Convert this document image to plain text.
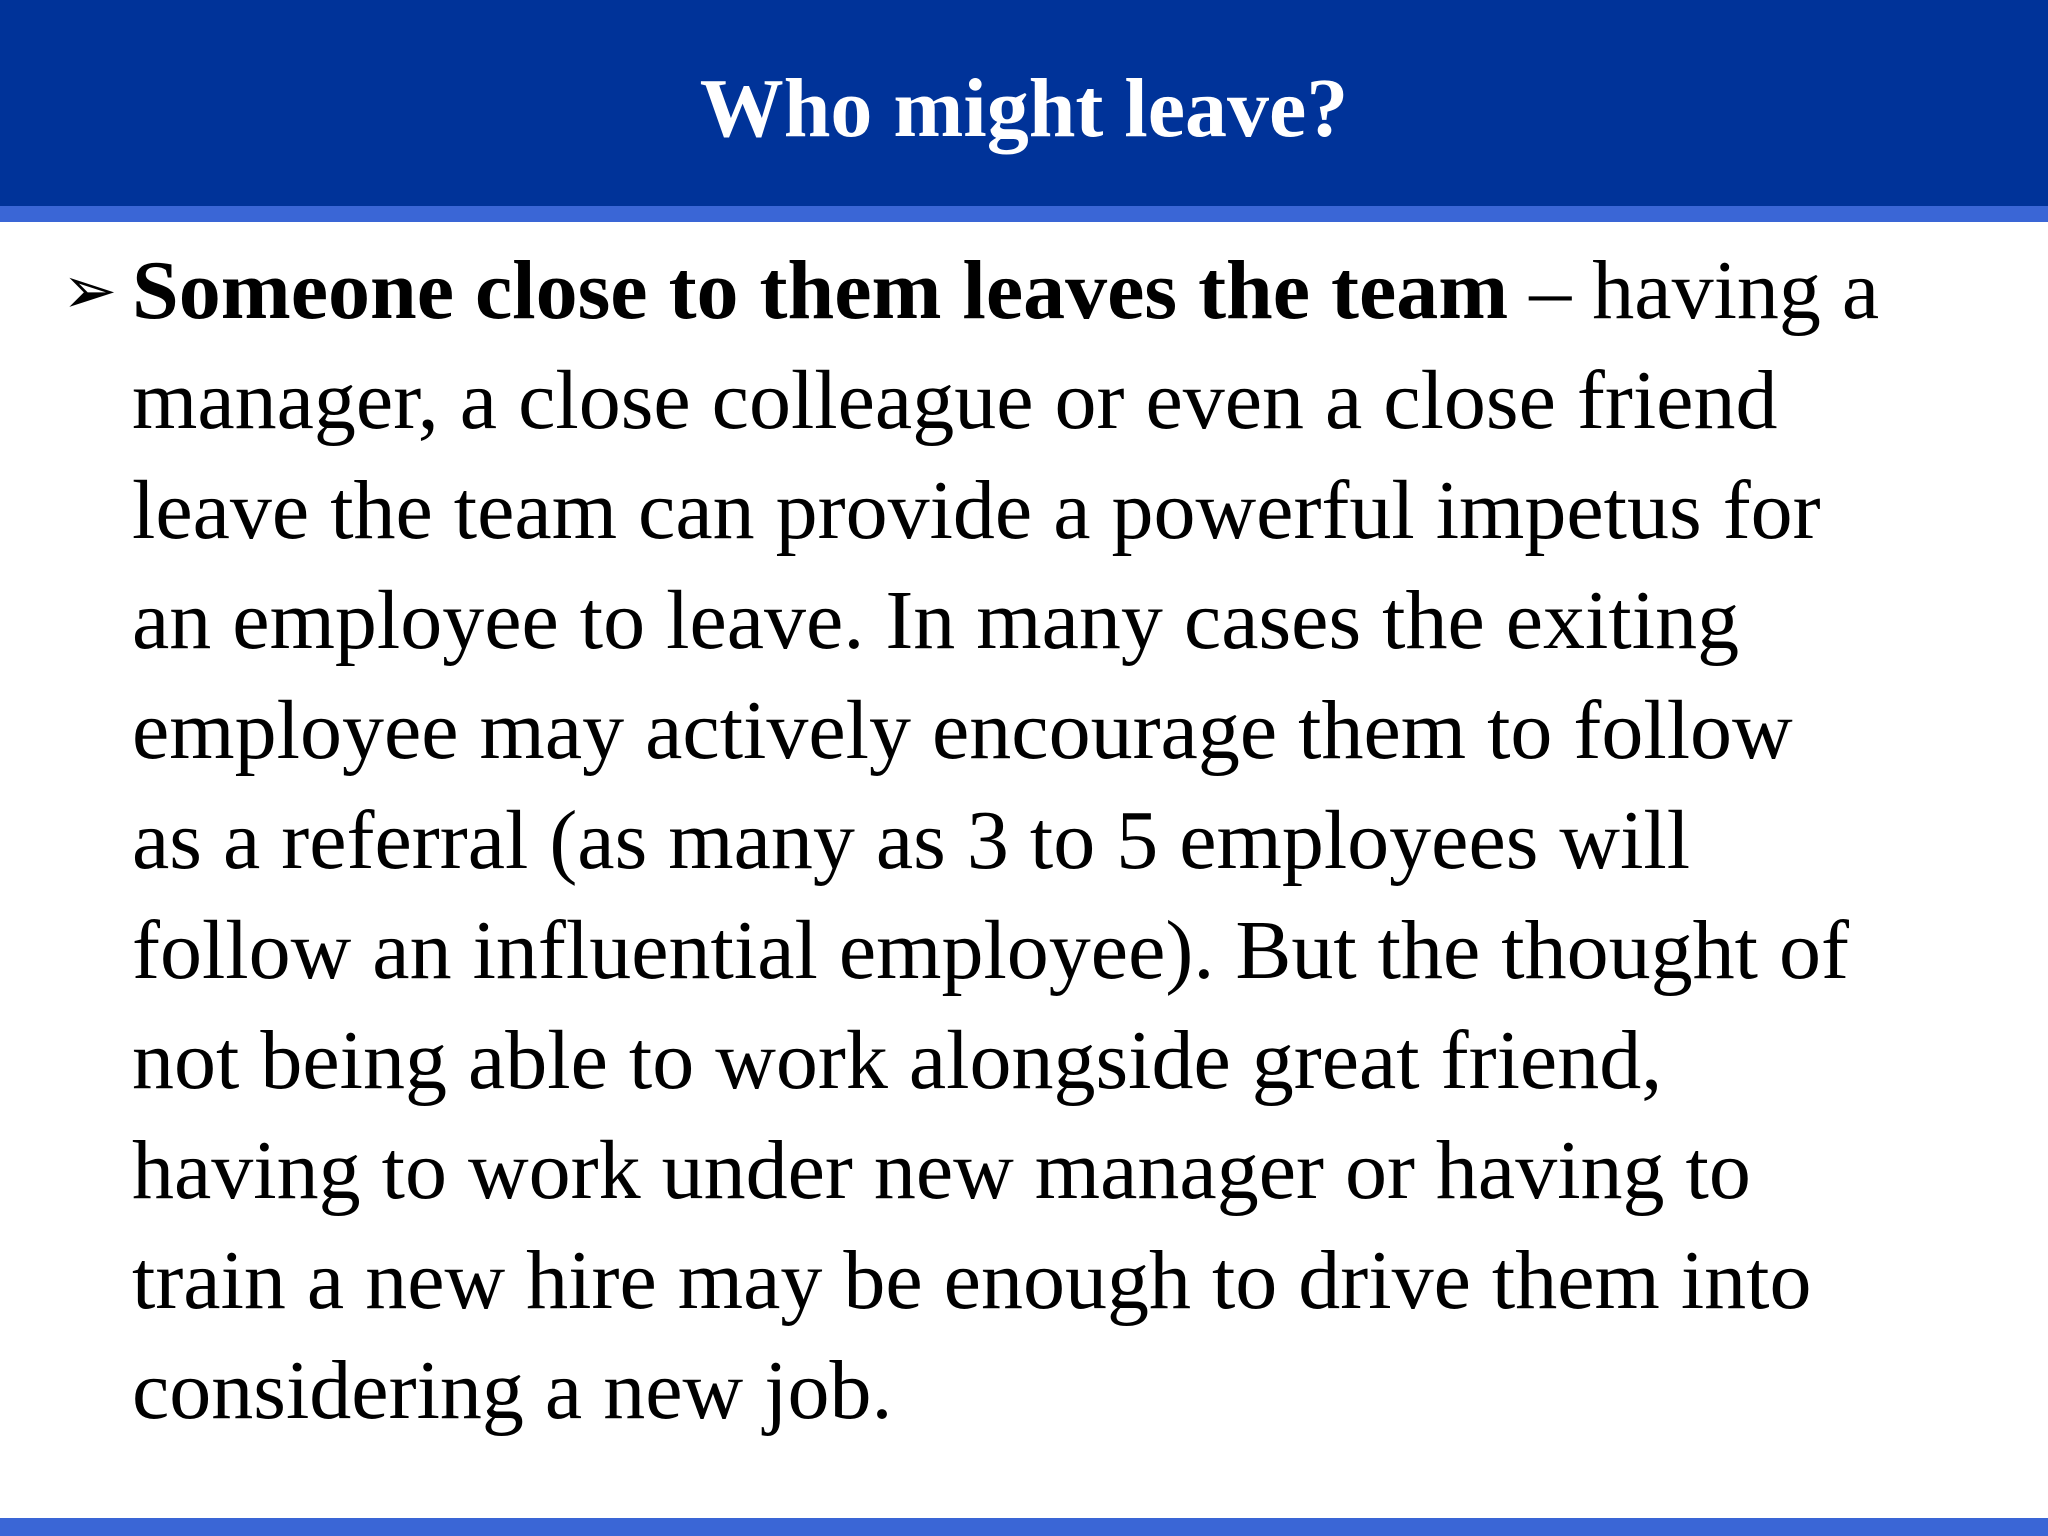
Who might leave?
➢ Someone close to them leaves the team – having a
manager, a close colleague or even a close friend
leave the team can provide a powerful impetus for
an employee to leave. In many cases the exiting
employee may actively encourage them to follow
as a referral (as many as 3 to 5 employees will
follow an influential employee). But the thought of
not being able to work alongside great friend,
having to work under new manager or having to
train a new hire may be enough to drive them into
considering a new job.
